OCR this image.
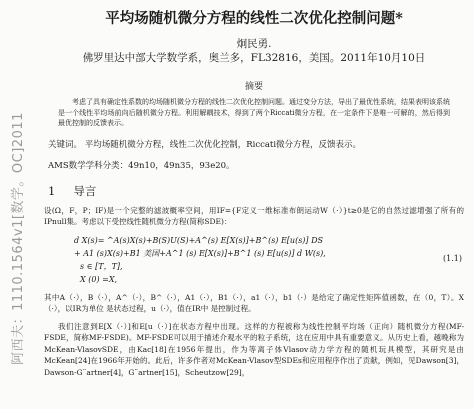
阿西夫：1110.1564v1[数学。OC]2011
平均场随机微分方程的线性二次优化控制问题*
炯民勇.
佛罗里达中部大学数学系，奥兰多，FL32816，美国。2011年10月10日
摘要
考虑了具有确定性系数的均场随机微分方程的线性二次优化控制问题。通过变分方法，导出了最优性系统，结果表明该系统是一个线性平均场前向后随机微分方程。利用解耦技术，得到了两个Riccati微分方程，在一定条件下是唯一可解的，然后得到最优控制的反馈表示。
关键词。 平均场随机微分方程，线性二次优化控制，Riccati微分方程，反馈表示。
AMS数学学科分类：49n10，49n35，93e20。
1 导言
设(Ω，F，P；IF)是一个完整的滤波概率空间，用IF={F定义一维标准布朗运动W（·）}t≥0是它的自然过滤增强了所有的IPnull集。考虑以下受控线性随机微分方程(简称SDE)：
d X(s)= ^A(s)X(s)+B(S)U(S)+A^(s) E[X(s)]+B^(s) E[u(s)] DS
+ A1 (s)X(s)+B1 美国+A^1 (s) E[X(s)]+B^1 (s) E[u(s)] d W(s),
s ∈ [T，T],
X (0) =X,
(1.1)
其中A（·），B（·），A^（·），B^（·），A1（·），B1（·），a1（·），b1（·）是给定了确定性矩阵值函数，在（0，T）。X（·），以IR为单位 是状态过程，u（·），值在IR中 是控制过程。
我们注意到E[X（·）]和E[u（·）]在状态方程中出现。这样的方程被称为线性控制平均场（正向）随机微分方程(MF-FSDE，简称MF-FSDE)。MF-FSDE可以用于描述介观水平的粒子系统，这在应用中具有重要意义。从历史上看，越晚称为McKean-VlasovSDE，由Kac[18]在1956年提出，作为等离子体Vlasov动力学方程的随机玩具模型，其研究是由McKean[24]在1966年开始的。此后，许多作者对McKean-Vlasov型SDEs和应用程序作出了贡献，例如，见Dawson[3]，Dawson-G¨artner[4]，G¨artner[15]，Scheutzow[29]，
